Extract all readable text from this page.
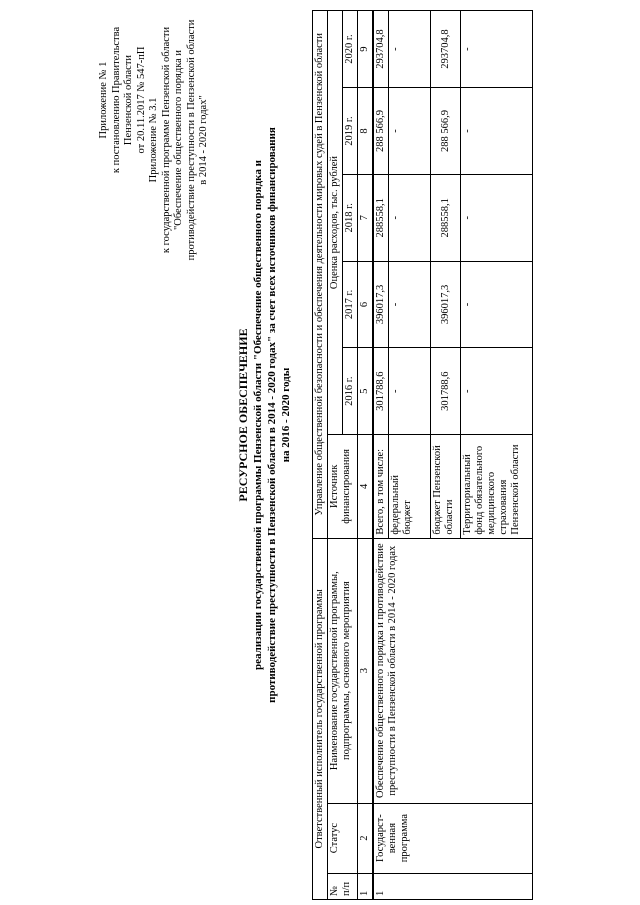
Приложение № 1 к постановлению Правительства Пензенской области от 20.11.2017 № 547-пП Приложение № 3.1 к государственной программе Пензенской области "Обеспечение общественного порядка и противодействие преступности в Пензенской области в 2014 - 2020 годах"
РЕСУРСНОЕ ОБЕСПЕЧЕНИЕ реализации государственной программы Пензенской области "Обеспечение общественного порядка и противодействие преступности в Пензенской области в 2014 - 2020 годах" за счет всех источников финансирования на 2016 - 2020 годы
Ответственный исполнитель государственной программы			Управление общественной безопасности и обеспечения деятельности мировых судей в Пензенской области					
№ п/п	Статус	Наименование государственной программы, подпрограммы, основного мероприятия	Источник финансирования	Оценка расходов, тыс. рублей				
				2016 г.	2017 г.	2018 г.	2019 г.	2020 г.
1	2	3	4	5	6	7	8	9
1	Государст-венная программа	Обеспечение общественного порядка и противодействие преступности в Пензенской области в 2014 - 2020 годах	Всего, в том числе:	301788,6	396017,3	288558,1	288 566,9	293704,8
			федеральный бюджет	-	-	-	-	-
			бюджет Пензенской области	301788,6	396017,3	288558,1	288 566,9	293704,8
			Территориальный фонд обязательного медицинского страхования Пензенской области	-	-	-	-	-
